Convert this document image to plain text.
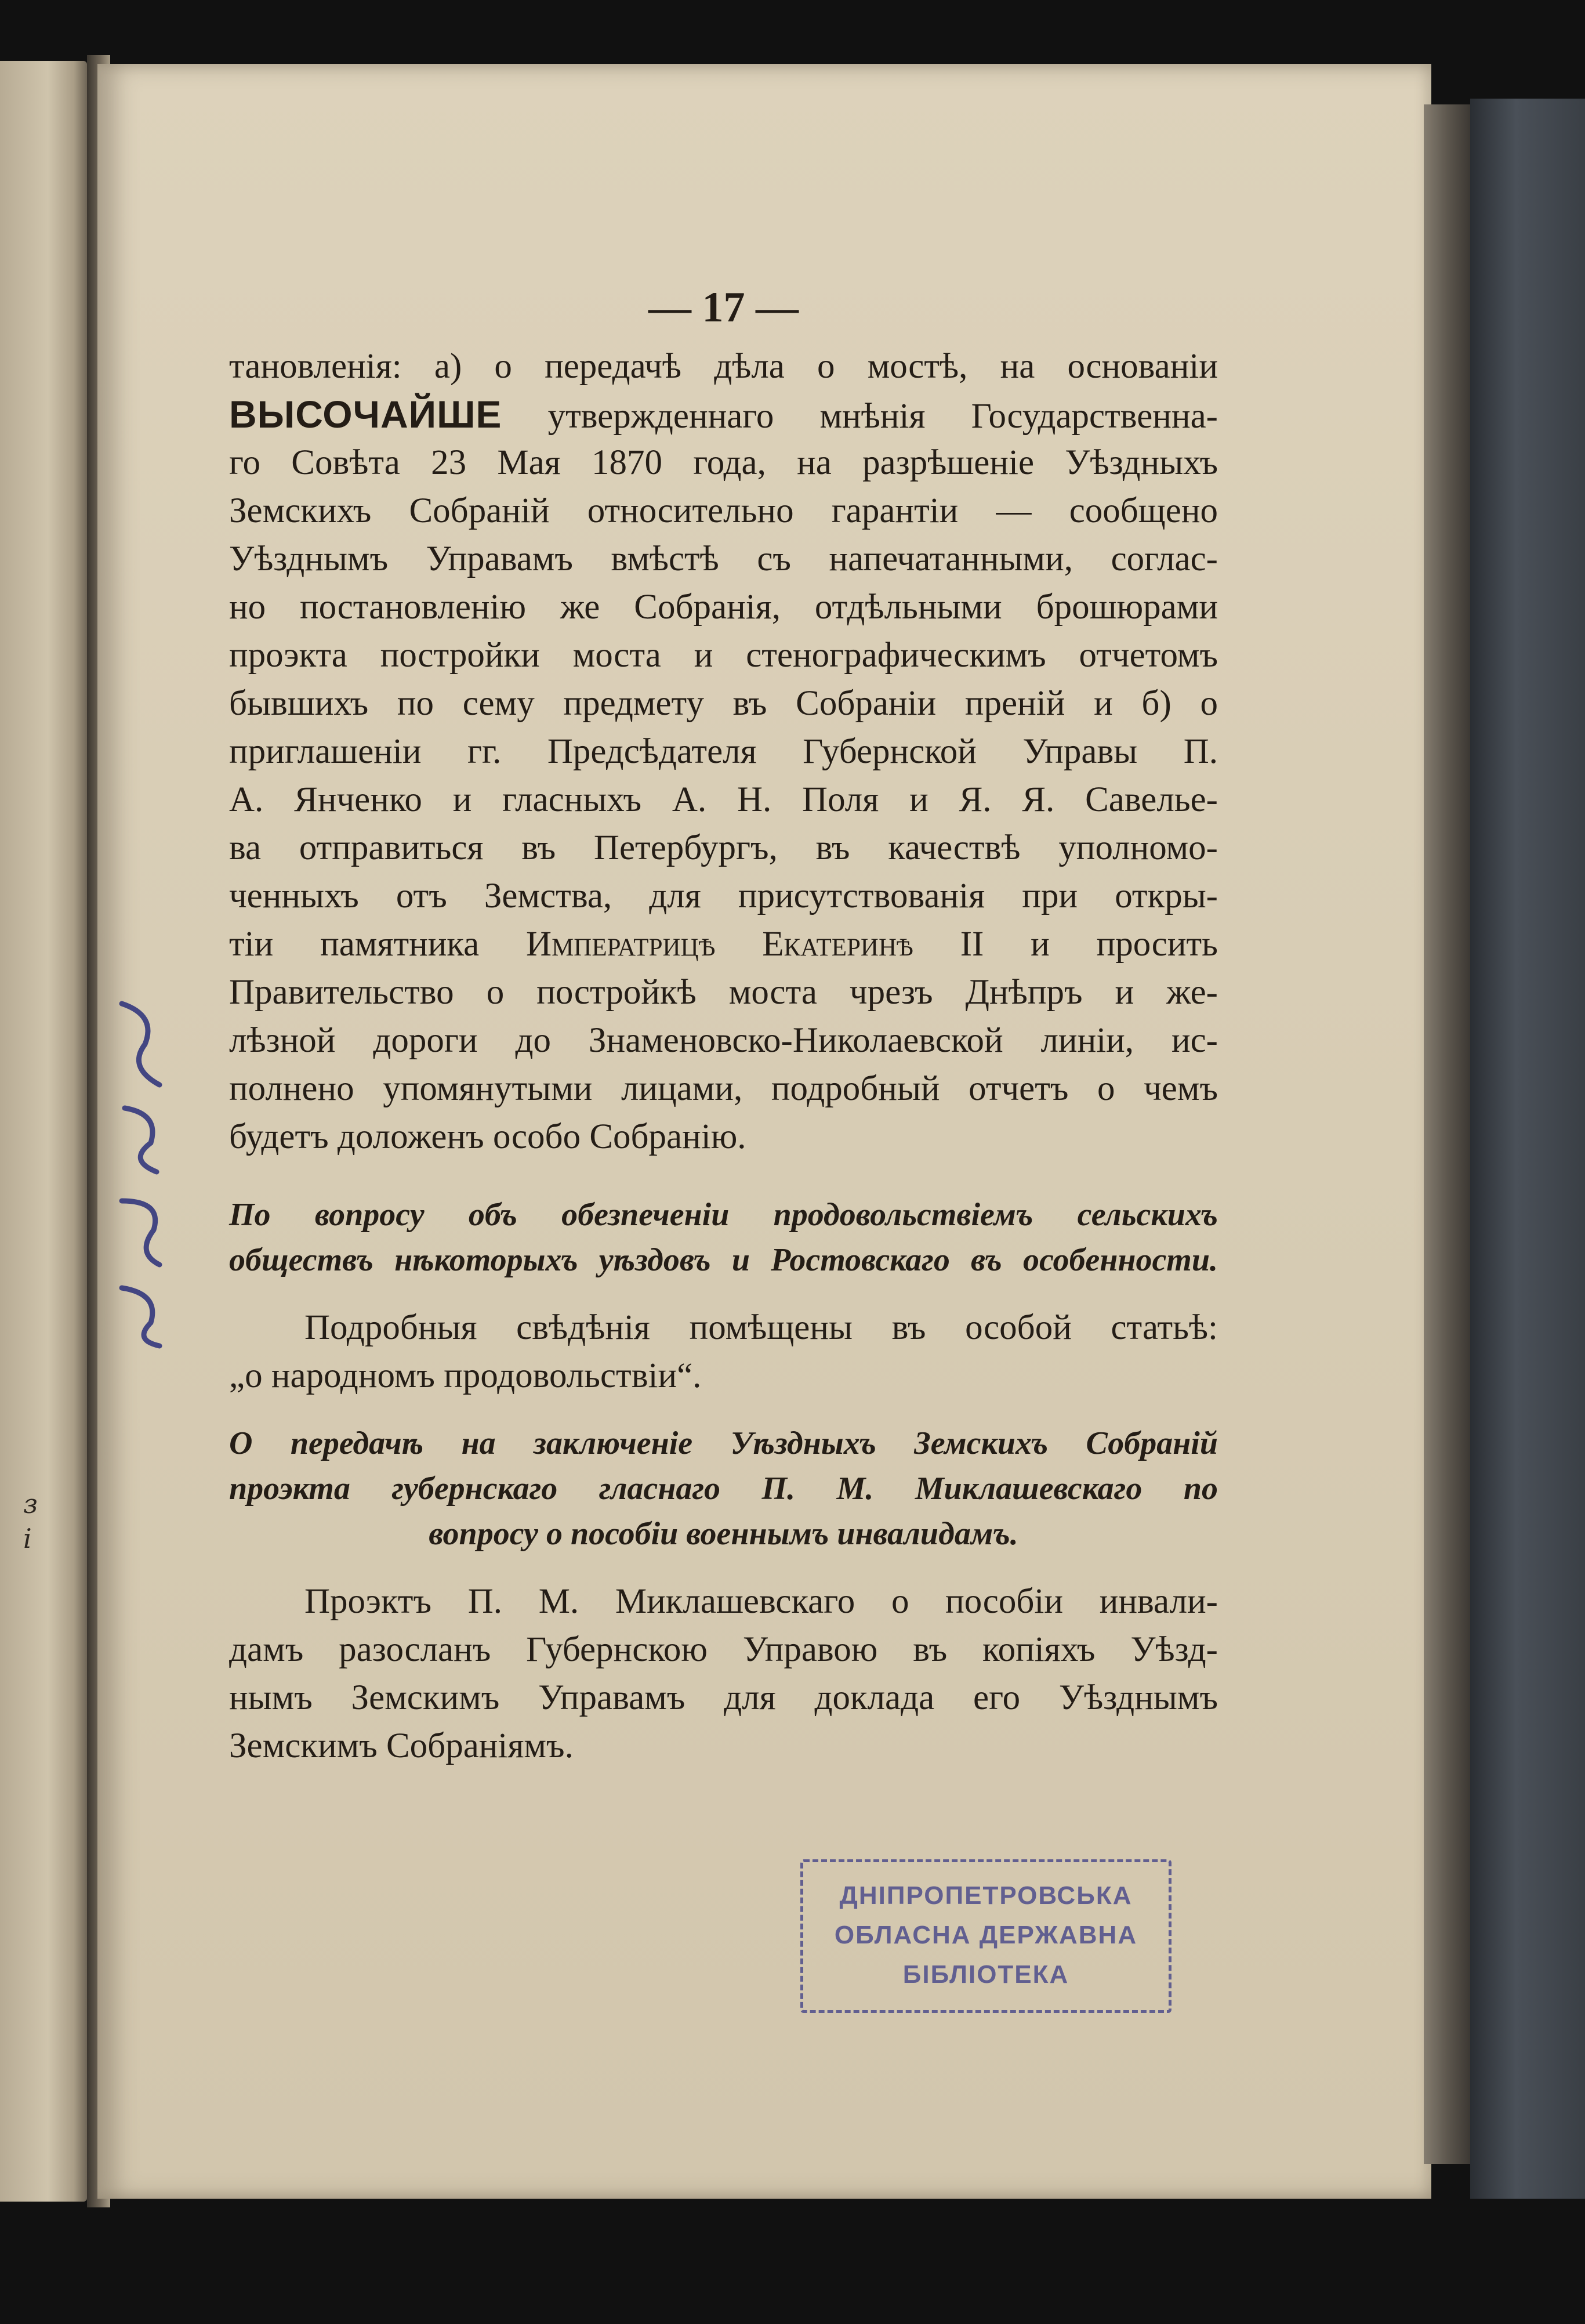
з
і
— 17 —
тановленія: а) о передачѣ дѣла о мостѣ, на основаніи
ВЫСОЧАЙШЕ утвержденнаго мнѣнія Государственна-
го Совѣта 23 Мая 1870 года, на разрѣшеніе Уѣздныхъ
Земскихъ Собраній относительно гарантіи — сообщено
Уѣзднымъ Управамъ вмѣстѣ съ напечатанными, соглас-
но постановленію же Собранія, отдѣльными брошюрами
проэкта постройки моста и стенографическимъ отчетомъ
бывшихъ по сему предмету въ Собраніи преній и б) о
приглашеніи гг. Предсѣдателя Губернской Управы П.
А. Янченко и гласныхъ А. Н. Поля и Я. Я. Савелье-
ва отправиться въ Петербургъ, въ качествѣ уполномо-
ченныхъ отъ Земства, для присутствованія при откры-
тіи памятника Императрицѣ Екатеринѣ II и просить
Правительство о постройкѣ моста чрезъ Днѣпръ и же-
лѣзной дороги до Знаменовско-Николаевской линіи, ис-
полнено упомянутыми лицами, подробный отчетъ о чемъ
будетъ доложенъ особо Собранію.
По вопросу объ обезпеченіи продовольствіемъ сельскихъ
обществъ нѣкоторыхъ уѣздовъ и Ростовскаго въ особенности.
Подробныя свѣдѣнія помѣщены въ особой статьѣ:
„о народномъ продовольствіи“.
О передачѣ на заключеніе Уѣздныхъ Земскихъ Собраній
проэкта губернскаго гласнаго П. М. Миклашевскаго по
вопросу о пособіи военнымъ инвалидамъ.
Проэктъ П. М. Миклашевскаго о пособіи инвали-
дамъ разосланъ Губернскою Управою въ копіяхъ Уѣзд-
нымъ Земскимъ Управамъ для доклада его Уѣзднымъ
Земскимъ Собраніямъ.
ДНІПРОПЕТРОВСЬКА
ОБЛАСНА ДЕРЖАВНА
БІБЛІОТЕКА
